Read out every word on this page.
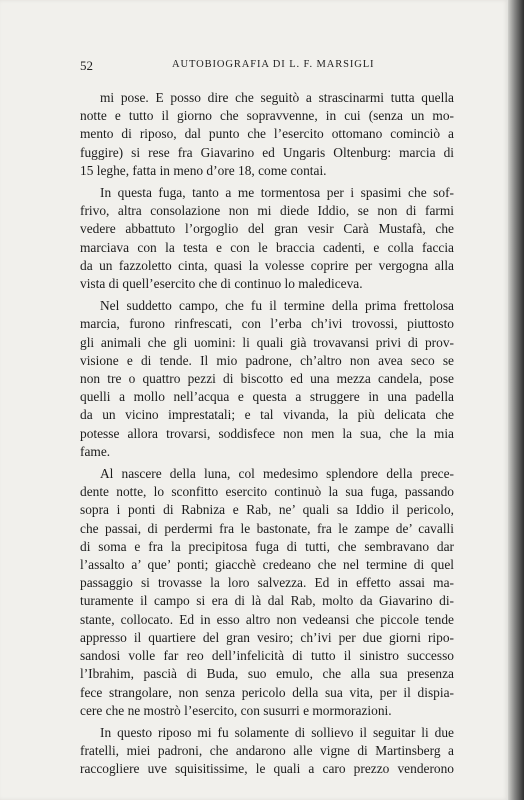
52	AUTOBIOGRAFIA DI L. F. MARSIGLI
mi pose. E posso dire che seguitò a strascinarmi tutta quella
notte e tutto il giorno che sopravvenne, in cui (senza un mo-
mento di riposo, dal punto che l’esercito ottomano cominciò a
fuggire) si rese fra Giavarino ed Ungaris Oltenburg: marcia di
15 leghe, fatta in meno d’ore 18, come contai.
In questa fuga, tanto a me tormentosa per i spasimi che sof-
frivo, altra consolazione non mi diede Iddio, se non di farmi
vedere abbattuto l’orgoglio del gran vesir Carà Mustafà, che
marciava con la testa e con le braccia cadenti, e colla faccia
da un fazzoletto cinta, quasi la volesse coprire per vergogna alla
vista di quell’esercito che di continuo lo malediceva.
Nel suddetto campo, che fu il termine della prima frettolosa
marcia, furono rinfrescati, con l’erba ch’ivi trovossi, piuttosto
gli animali che gli uomini: li quali già trovavansi privi di prov-
visione e di tende. Il mio padrone, ch’altro non avea seco se
non tre o quattro pezzi di biscotto ed una mezza candela, pose
quelli a mollo nell’acqua e questa a struggere in una padella
da un vicino imprestatali; e tal vivanda, la più delicata che
potesse allora trovarsi, soddisfece non men la sua, che la mia
fame.
Al nascere della luna, col medesimo splendore della prece-
dente notte, lo sconfitto esercito continuò la sua fuga, passando
sopra i ponti di Rabniza e Rab, ne’ quali sa Iddio il pericolo,
che passai, di perdermi fra le bastonate, fra le zampe de’ cavalli
di soma e fra la precipitosa fuga di tutti, che sembravano dar
l’assalto a’ que’ ponti; giacchè credeano che nel termine di quel
passaggio si trovasse la loro salvezza. Ed in effetto assai ma-
turamente il campo si era di là dal Rab, molto da Giavarino di-
stante, collocato. Ed in esso altro non vedeansi che piccole tende
appresso il quartiere del gran vesiro; ch’ivi per due giorni ripo-
sandosi volle far reo dell’infelicità di tutto il sinistro successo
l’Ibrahim, pascià di Buda, suo emulo, che alla sua presenza
fece strangolare, non senza pericolo della sua vita, per il dispia-
cere che ne mostrò l’esercito, con susurri e mormorazioni.
In questo riposo mi fu solamente di sollievo il seguitar li due
fratelli, miei padroni, che andarono alle vigne di Martinsberg a
raccogliere uve squisitissime, le quali a caro prezzo venderono
